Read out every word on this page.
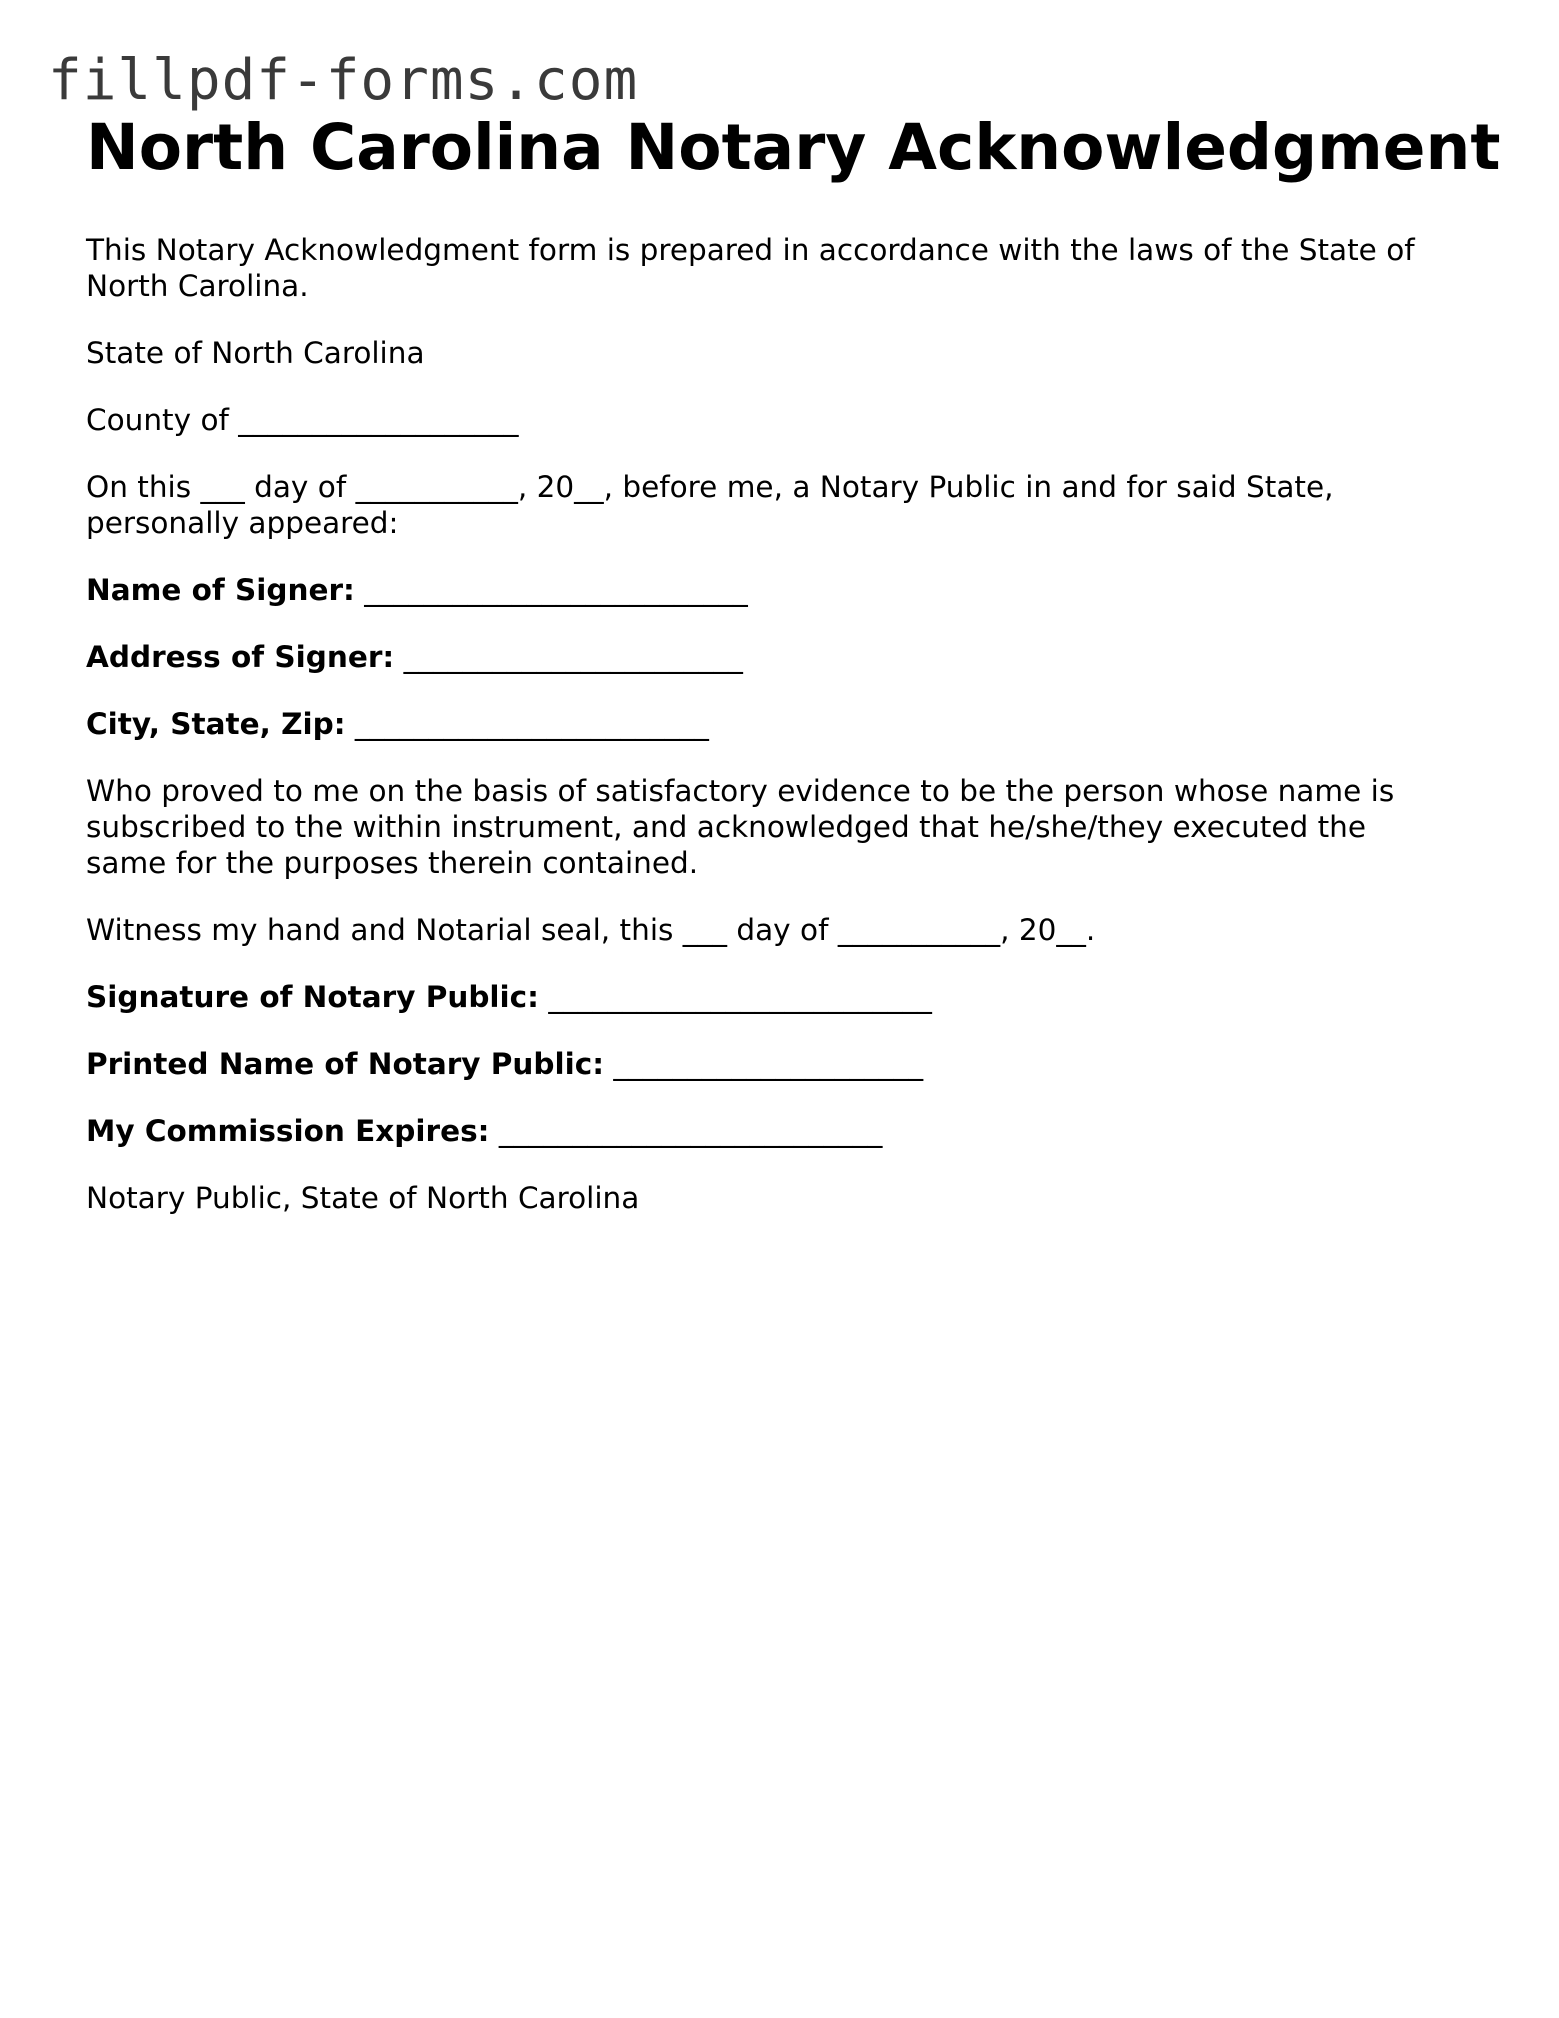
fillpdf-forms.com
North Carolina Notary Acknowledgment

This Notary Acknowledgment form is prepared in accordance with the laws of the State of

North Carolina.

State of North Carolina

County of ___________________

On this ___ day of ___________, 20__, before me, a Notary Public in and for said State,

personally appeared:

Name of Signer: __________________________

Address of Signer: _______________________

City, State, Zip: ________________________

Who proved to me on the basis of satisfactory evidence to be the person whose name is

subscribed to the within instrument, and acknowledged that he/she/they executed the

same for the purposes therein contained.

Witness my hand and Notarial seal, this ___ day of ___________, 20__.

Signature of Notary Public: __________________________

Printed Name of Notary Public: _____________________

My Commission Expires: __________________________

Notary Public, State of North Carolina
